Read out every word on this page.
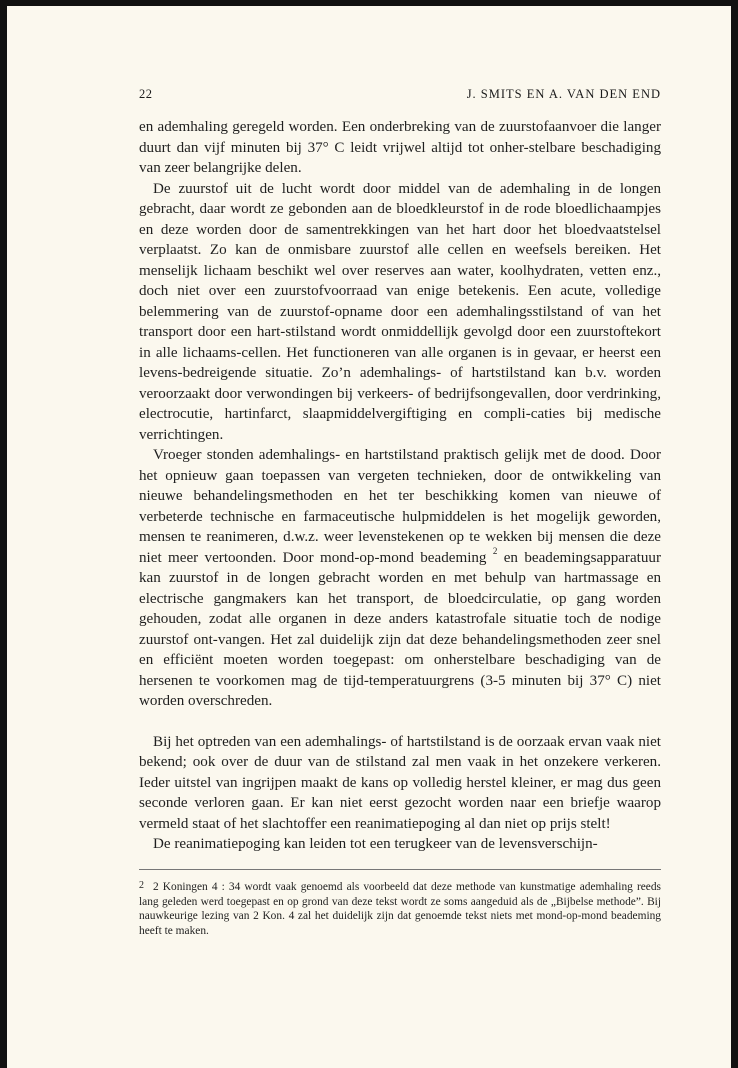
22	J. SMITS EN A. VAN DEN END

en ademhaling geregeld worden. Een onderbreking van de zuurstofaanvoer die langer duurt dan vijf minuten bij 37° C leidt vrijwel altijd tot onher-stelbare beschadiging van zeer belangrijke delen.

De zuurstof uit de lucht wordt door middel van de ademhaling in de longen gebracht, daar wordt ze gebonden aan de bloedkleurstof in de rode bloedlichaampjes en deze worden door de samentrekkingen van het hart door het bloedvaatstelsel verplaatst. Zo kan de onmisbare zuurstof alle cellen en weefsels bereiken. Het menselijk lichaam beschikt wel over reserves aan water, koolhydraten, vetten enz., doch niet over een zuurstofvoorraad van enige betekenis. Een acute, volledige belemmering van de zuurstof-opname door een ademhalingsstilstand of van het transport door een hart-stilstand wordt onmiddellijk gevolgd door een zuurstoftekort in alle lichaams-cellen. Het functioneren van alle organen is in gevaar, er heerst een levens-bedreigende situatie. Zo’n ademhalings- of hartstilstand kan b.v. worden veroorzaakt door verwondingen bij verkeers- of bedrijfsongevallen, door verdrinking, electrocutie, hartinfarct, slaapmiddelvergiftiging en compli-caties bij medische verrichtingen.

Vroeger stonden ademhalings- en hartstilstand praktisch gelijk met de dood. Door het opnieuw gaan toepassen van vergeten technieken, door de ontwikkeling van nieuwe behandelingsmethoden en het ter beschikking komen van nieuwe of verbeterde technische en farmaceutische hulpmiddelen is het mogelijk geworden, mensen te reanimeren, d.w.z. weer levenstekenen op te wekken bij mensen die deze niet meer vertoonden. Door mond-op-mond beademing $^2$ en beademingsapparatuur kan zuurstof in de longen gebracht worden en met behulp van hartmassage en electrische gangmakers kan het transport, de bloedcirculatie, op gang worden gehouden, zodat alle organen in deze anders katastrofale situatie toch de nodige zuurstof ont-vangen. Het zal duidelijk zijn dat deze behandelingsmethoden zeer snel en efficiënt moeten worden toegepast: om onherstelbare beschadiging van de hersenen te voorkomen mag de tijd-temperatuurgrens (3-5 minuten bij 37° C) niet worden overschreden.

Bij het optreden van een ademhalings- of hartstilstand is de oorzaak ervan vaak niet bekend; ook over de duur van de stilstand zal men vaak in het onzekere verkeren. Ieder uitstel van ingrijpen maakt de kans op volledig herstel kleiner, er mag dus geen seconde verloren gaan. Er kan niet eerst gezocht worden naar een briefje waarop vermeld staat of het slachtoffer een reanimatiepoging al dan niet op prijs stelt!

De reanimatiepoging kan leiden tot een terugkeer van de levensverschijn-

2 2 Koningen 4 : 34 wordt vaak genoemd als voorbeeld dat deze methode van kunstmatige ademhaling reeds lang geleden werd toegepast en op grond van deze tekst wordt ze soms aangeduid als de „Bijbelse methode”. Bij nauwkeurige lezing van 2 Kon. 4 zal het duidelijk zijn dat genoemde tekst niets met mond-op-mond beademing heeft te maken.
